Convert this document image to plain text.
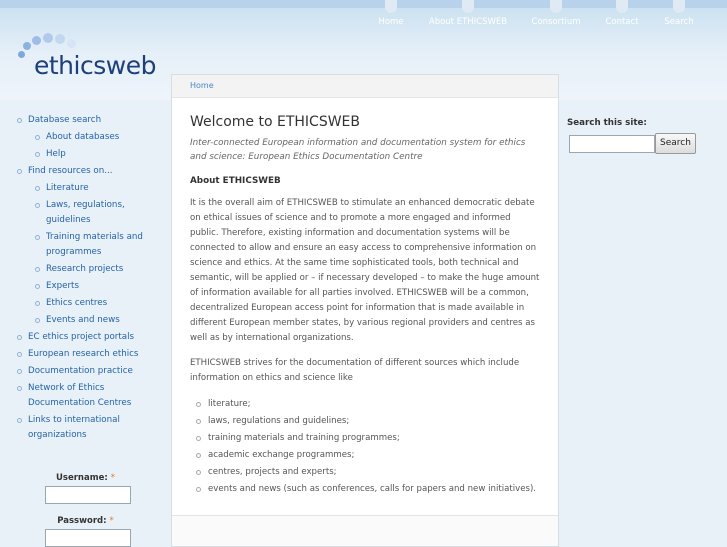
Home	About ETHICSWEB	Consortium	Contact	Search
ethicsweb
Database search
About databases
Help
Find resources on...
Literature
Laws, regulations, guidelines
Training materials and programmes
Research projects
Experts
Ethics centres
Events and news
EC ethics project portals
European research ethics
Documentation practice
Network of Ethics Documentation Centres
Links to international organizations
Username: *
Password: *
Home
Welcome to ETHICSWEB
Inter-connected European information and documentation system for ethics and science: European Ethics Documentation Centre
About ETHICSWEB
It is the overall aim of ETHICSWEB to stimulate an enhanced democratic debate on ethical issues of science and to promote a more engaged and informed public. Therefore, existing information and documentation systems will be connected to allow and ensure an easy access to comprehensive information on science and ethics. At the same time sophisticated tools, both technical and semantic, will be applied or – if necessary developed – to make the huge amount of information available for all parties involved. ETHICSWEB will be a common, decentralized European access point for information that is made available in different European member states, by various regional providers and centres as well as by international organizations.
ETHICSWEB strives for the documentation of different sources which include information on ethics and science like
literature;
laws, regulations and guidelines;
training materials and training programmes;
academic exchange programmes;
centres, projects and experts;
events and news (such as conferences, calls for papers and new initiatives).
Search this site:
Search
